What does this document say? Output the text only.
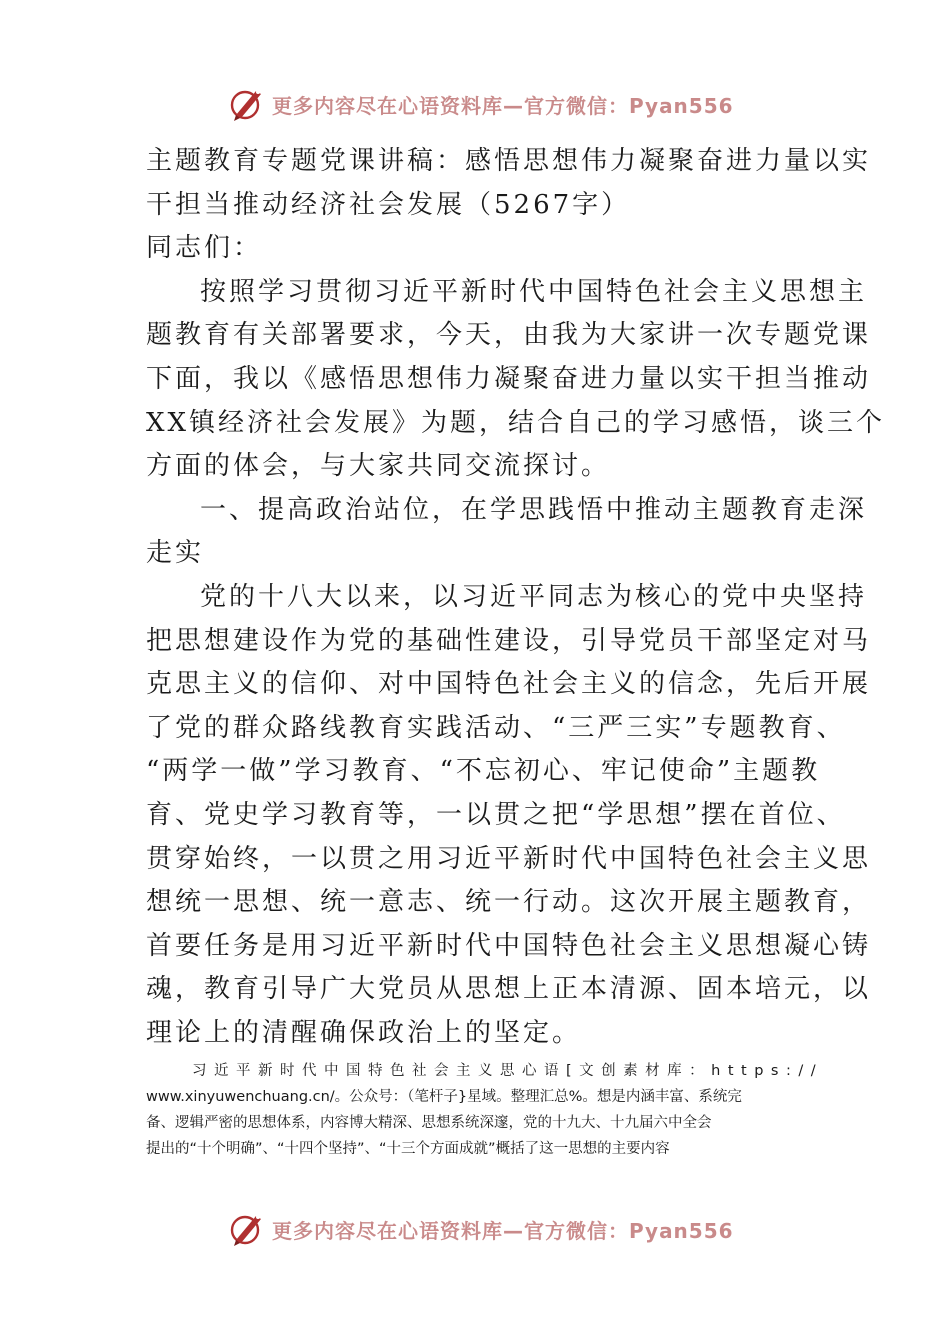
更多内容尽在心语资料库—官方微信：Pyan556
主题教育专题党课讲稿：感悟思想伟力凝聚奋进力量以实
干担当推动经济社会发展（5267字）
同志们：
按照学习贯彻习近平新时代中国特色社会主义思想主
题教育有关部署要求，今天，由我为大家讲一次专题党课
下面，我以《感悟思想伟力凝聚奋进力量以实干担当推动
XX镇经济社会发展》为题，结合自己的学习感悟，谈三个
方面的体会，与大家共同交流探讨。
一、提高政治站位，在学思践悟中推动主题教育走深
走实
党的十八大以来，以习近平同志为核心的党中央坚持
把思想建设作为党的基础性建设，引导党员干部坚定对马
克思主义的信仰、对中国特色社会主义的信念，先后开展
了党的群众路线教育实践活动、“三严三实”专题教育、
“两学一做”学习教育、“不忘初心、牢记使命”主题教
育、党史学习教育等，一以贯之把“学思想”摆在首位、
贯穿始终，一以贯之用习近平新时代中国特色社会主义思
想统一思想、统一意志、统一行动。这次开展主题教育，
首要任务是用习近平新时代中国特色社会主义思想凝心铸
魂，教育引导广大党员从思想上正本清源、固本培元，以
理论上的清醒确保政治上的坚定。
习近平新时代中国特色社会主义思心语[文创素材库：https://
www.xinyuwenchuang.cn/。公众号：（笔杆子}星域。整理汇总%。想是内涵丰富、系统完
备、逻辑严密的思想体系，内容博大精深、思想系统深邃，党的十九大、十九届六中全会
提出的“十个明确”、“十四个坚持”、“十三个方面成就”概括了这一思想的主要内容
更多内容尽在心语资料库—官方微信：Pyan556
